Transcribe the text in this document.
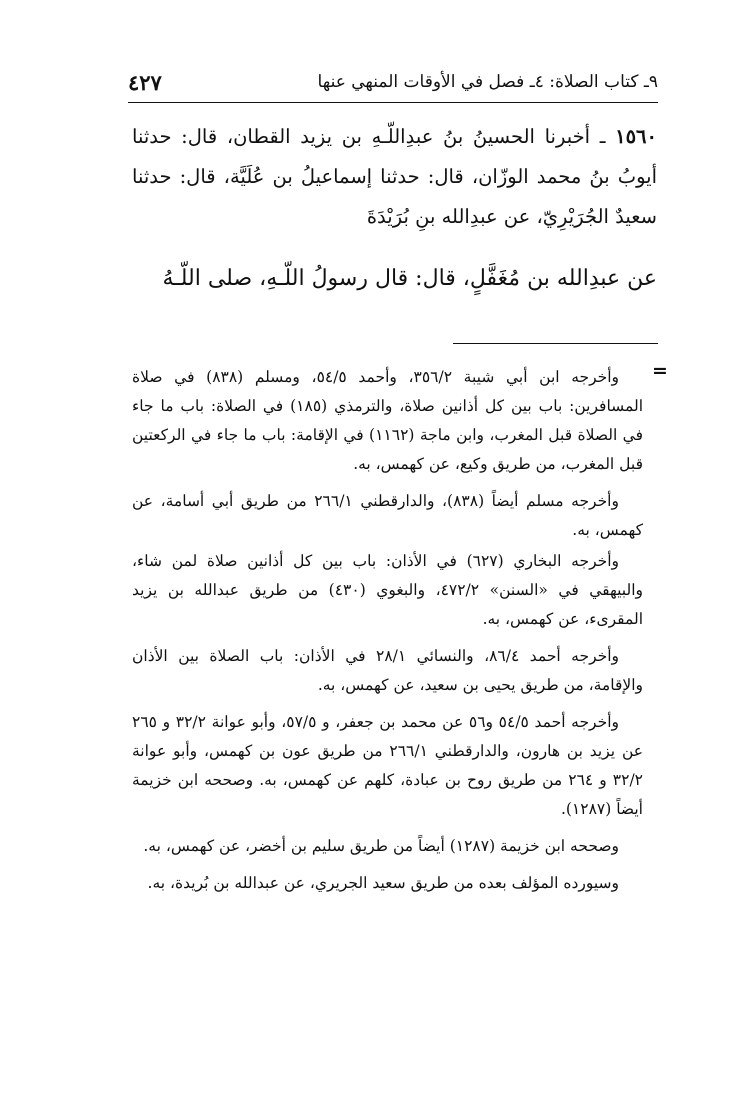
٩ـ كتاب الصلاة: ٤ـ فصل في الأوقات المنهي عنها
٤٢٧
١٥٦٠ ـ أخبرنا الحسينُ بنُ عبدِاللّـهِ بن يزيد القطان، قال: حدثنا أيوبُ بنُ محمد الوزّان، قال: حدثنا إسماعيلُ بن عُلَيَّة، قال: حدثنا سعيدٌ الجُرَيْرِيّ، عن عبدِالله بنِ بُرَيْدَةَ
عن عبدِالله بن مُغَفَّلٍ، قال: قال رسولُ اللّـهِ، صلى اللّـهُ
=

وأخرجه ابن أبي شيبة ٣٥٦/٢، وأحمد ٥٤/٥، ومسلم (٨٣٨) في صلاة المسافرين: باب بين كل أذانين صلاة، والترمذي (١٨٥) في الصلاة: باب ما جاء في الصلاة قبل المغرب، وابن ماجة (١١٦٢) في الإقامة: باب ما جاء في الركعتين قبل المغرب، من طريق وكيع، عن كهمس، به.

وأخرجه مسلم أيضاً (٨٣٨)، والدارقطني ٢٦٦/١ من طريق أبي أسامة، عن كهمس، به.

وأخرجه البخاري (٦٢٧) في الأذان: باب بين كل أذانين صلاة لمن شاء، والبيهقي في «السنن» ٤٧٢/٢، والبغوي (٤٣٠) من طريق عبدالله بن يزيد المقرىء، عن كهمس، به.

وأخرجه أحمد ٨٦/٤، والنسائي ٢٨/١ في الأذان: باب الصلاة بين الأذان والإقامة، من طريق يحيى بن سعيد، عن كهمس، به.

وأخرجه أحمد ٥٤/٥ و٥٦ عن محمد بن جعفر، و ٥٧/٥، وأبو عوانة ٣٢/٢ و ٢٦٥ عن يزيد بن هارون، والدارقطني ٢٦٦/١ من طريق عون بن كهمس، وأبو عوانة ٣٢/٢ و ٢٦٤ من طريق روح بن عبادة، كلهم عن كهمس، به. وصححه ابن خزيمة أيضاً (١٢٨٧).

وصححه ابن خزيمة (١٢٨٧) أيضاً من طريق سليم بن أخضر، عن كهمس، به.

وسيورده المؤلف بعده من طريق سعيد الجريري، عن عبدالله بن بُريدة، به.
